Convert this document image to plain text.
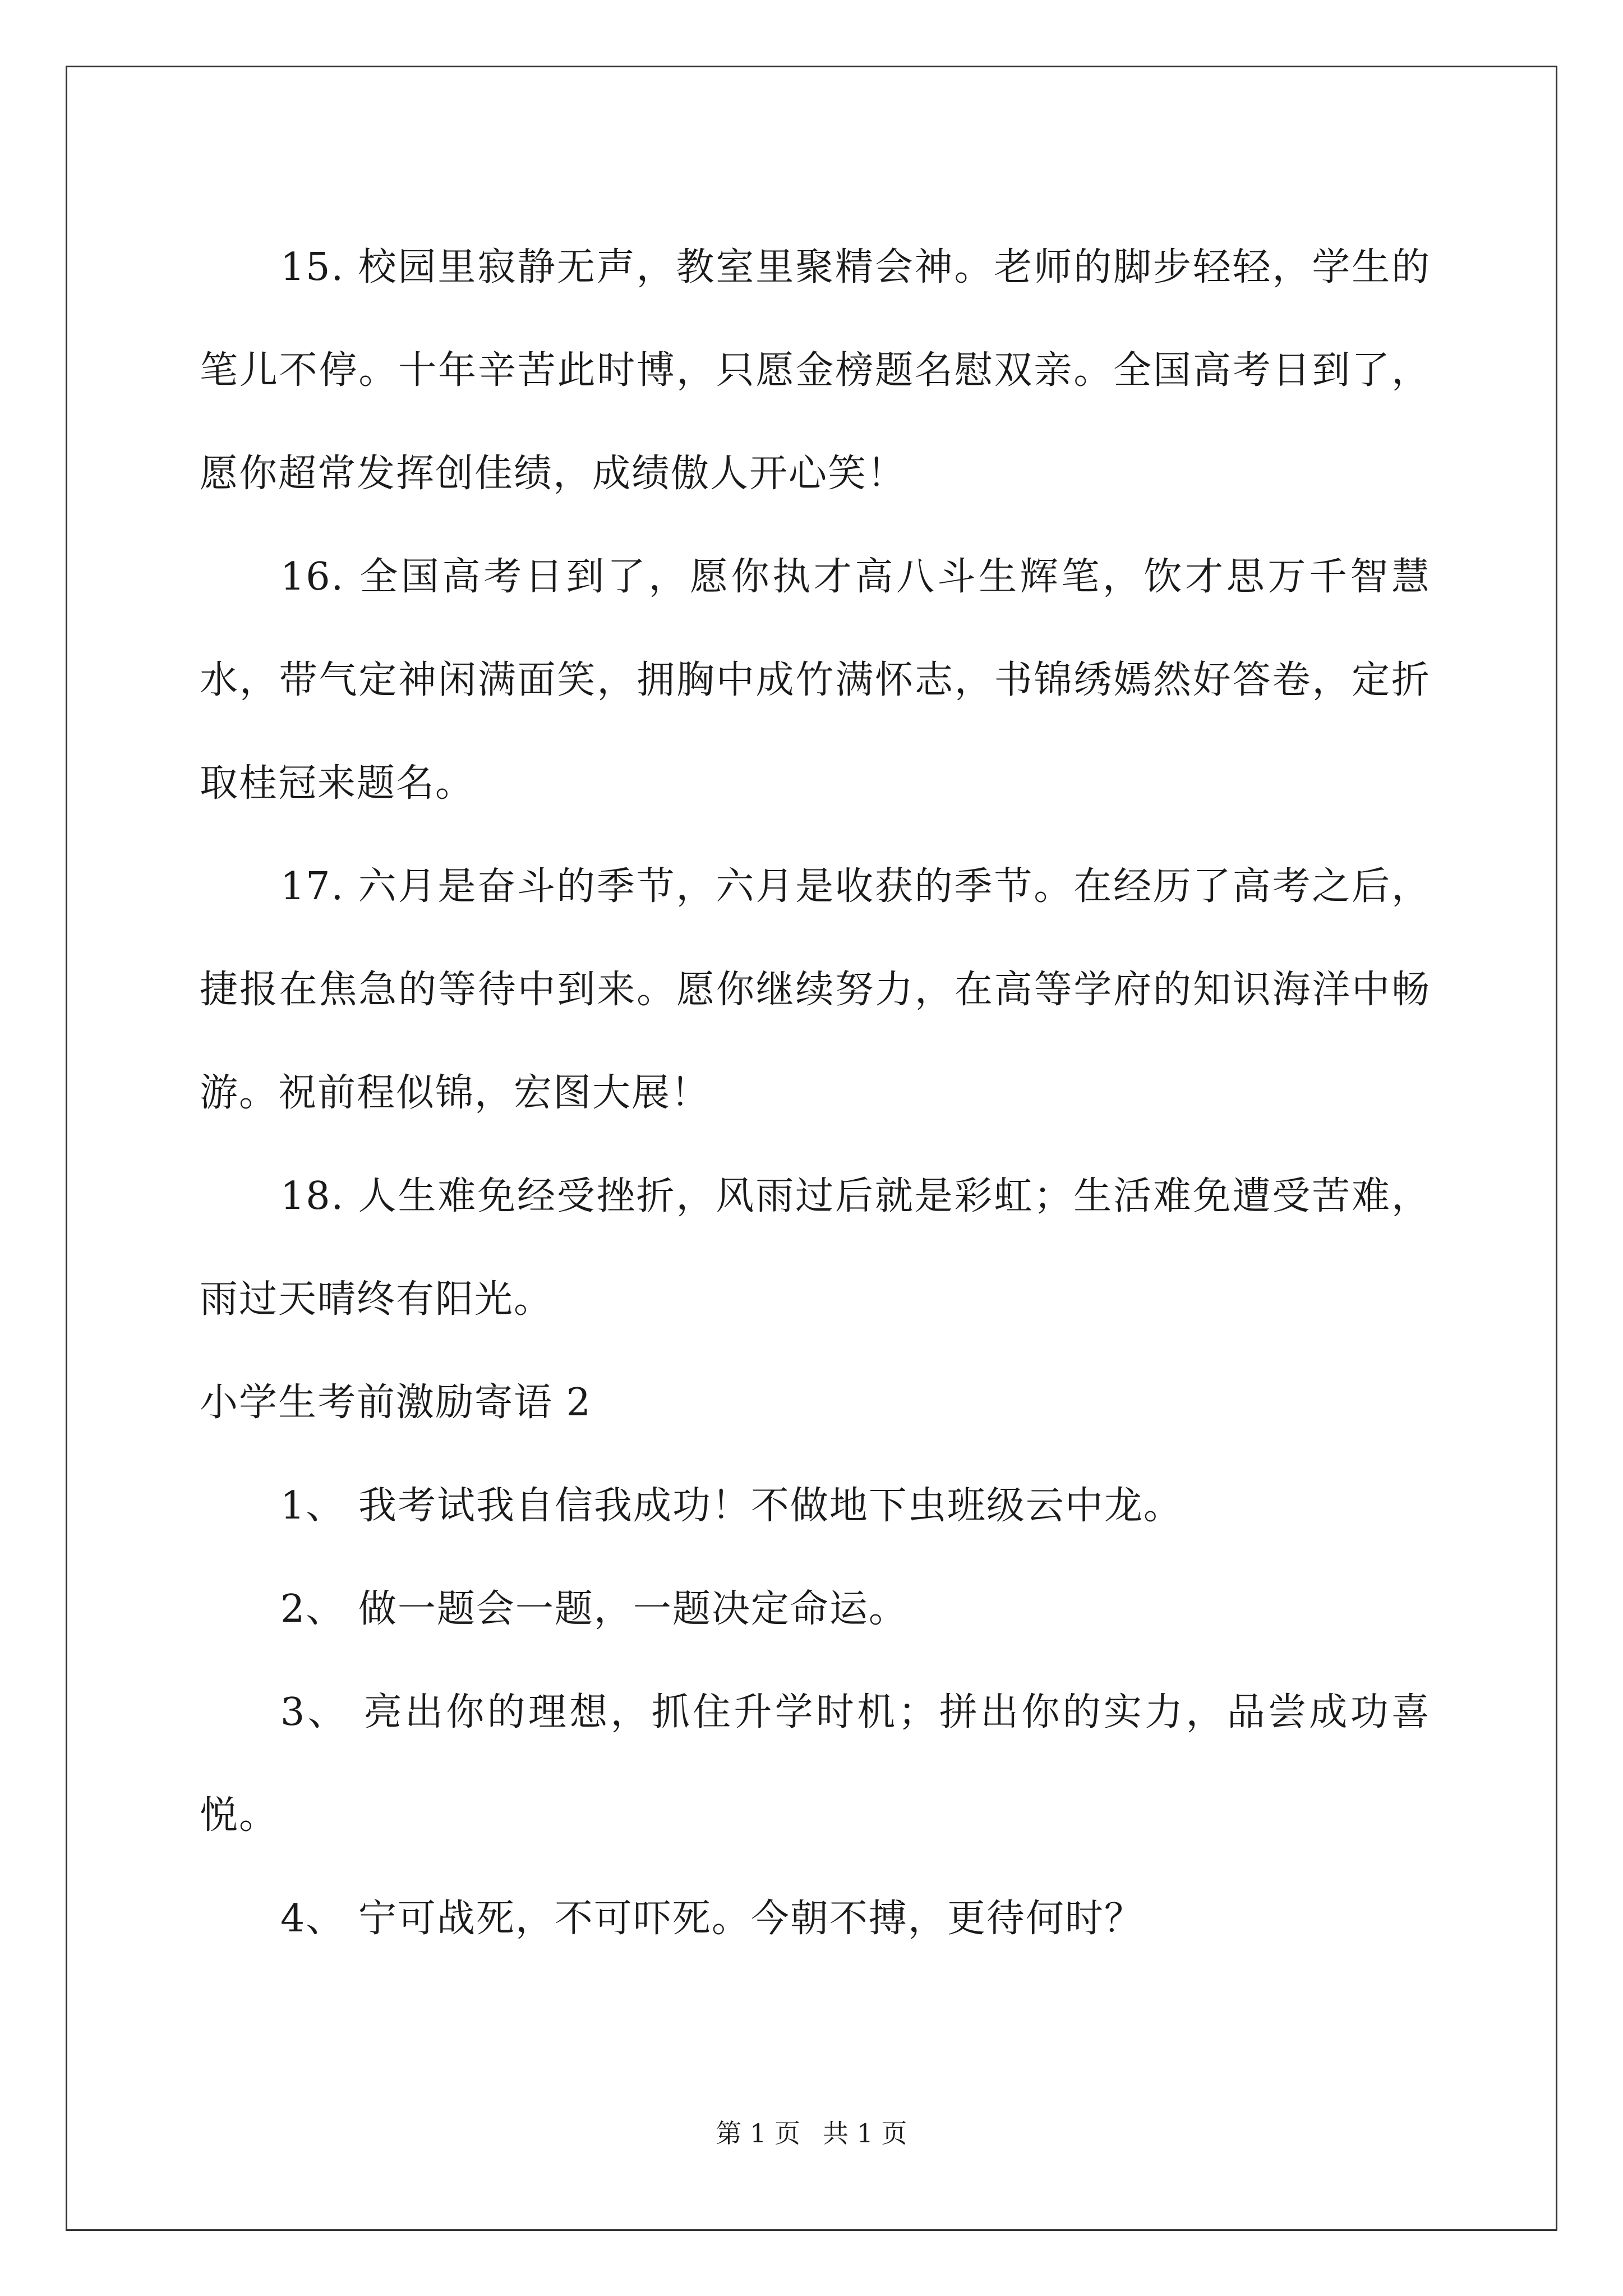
15. 校园里寂静无声，教室里聚精会神。老师的脚步轻轻，学生的笔儿不停。十年辛苦此时博，只愿金榜题名慰双亲。全国高考日到了，愿你超常发挥创佳绩，成绩傲人开心笑！

16. 全国高考日到了，愿你执才高八斗生辉笔，饮才思万千智慧水，带气定神闲满面笑，拥胸中成竹满怀志，书锦绣嫣然好答卷，定折取桂冠来题名。

17. 六月是奋斗的季节，六月是收获的季节。在经历了高考之后，捷报在焦急的等待中到来。愿你继续努力，在高等学府的知识海洋中畅游。祝前程似锦，宏图大展！

18. 人生难免经受挫折，风雨过后就是彩虹；生活难免遭受苦难，雨过天晴终有阳光。

小学生考前激励寄语 2

1、 我考试我自信我成功！不做地下虫班级云中龙。

2、 做一题会一题，一题决定命运。

3、 亮出你的理想，抓住升学时机；拼出你的实力，品尝成功喜悦。

4、 宁可战死，不可吓死。今朝不搏，更待何时？

第 1 页 共 1 页
